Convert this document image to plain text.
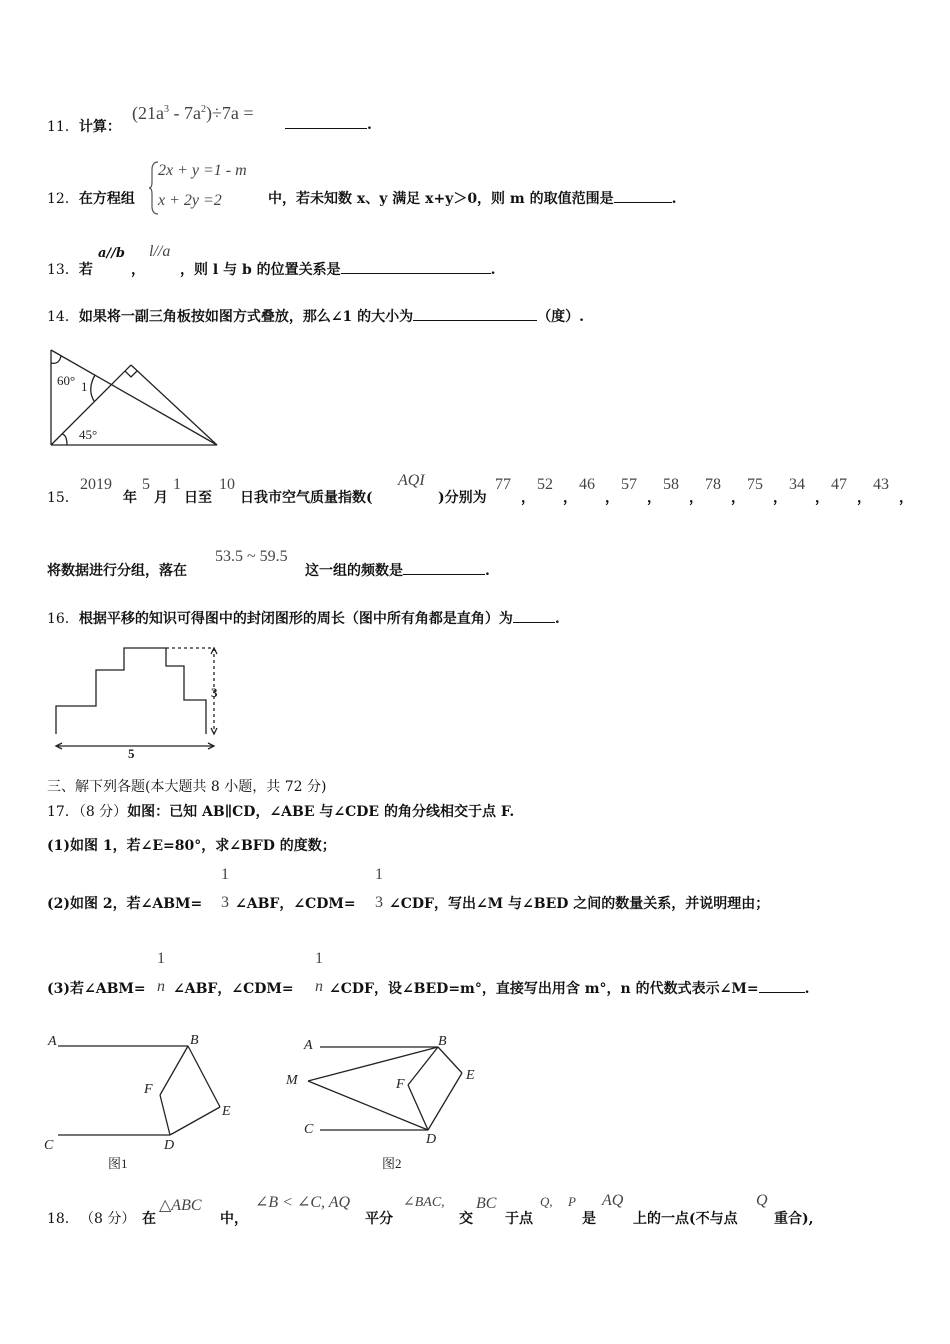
11．计算：
$(21a^3 - 7a^2)\div 7a$ =
.
12．在方程组
2x + y =1 - m
x + 2y =2	中，若未知数 x、y 满足 x+y＞0，则 m 的取值范围是	.
13．若
a//b
，
l//a
，则 l 与 b 的位置关系是	.
14．如果将一副三角板按如图方式叠放，那么∠1 的大小为	（度）.
60° 1
45°
15．
2019
年
5
月
1
日至
10
日我市空气质量指数(
AQI
)分别为
77
，
52
，
46
，
57
，
58
，
78
，
75
，
34
，
47
，
43
，
将数据进行分组，落在
53.5 ~ 59.5
这一组的频数是	.
16．根据平移的知识可得图中的封闭图形的周长（图中所有角都是直角）为	.
3
5
三、解下列各题(本大题共 8 小题，共 72 分)
17．（8 分）如图：已知 AB∥CD，∠ABE 与∠CDE 的角分线相交于点 F.
(1)如图 1，若∠E=80°，求∠BFD 的度数；
(2)如图 2，若∠ABM=
1
3 ∠ABF，∠CDM=
1
3 ∠CDF，写出∠M 与∠BED 之间的数量关系，并说明理由；
(3)若∠ABM=
1
n ∠ABF，∠CDM=
1
n ∠CDF，设∠BED=m°，直接写出用含 m°，n 的代数式表示∠M=	.
A	B
C	D
E
F
图1
A	B
C
D
E
F
M
图2
18． （8 分） 在
△ABC
中，
∠B < ∠C, AQ
平分
∠BAC,
交
BC
于点
Q, P
是
AQ
上的一点(不与点
Q
重合),
